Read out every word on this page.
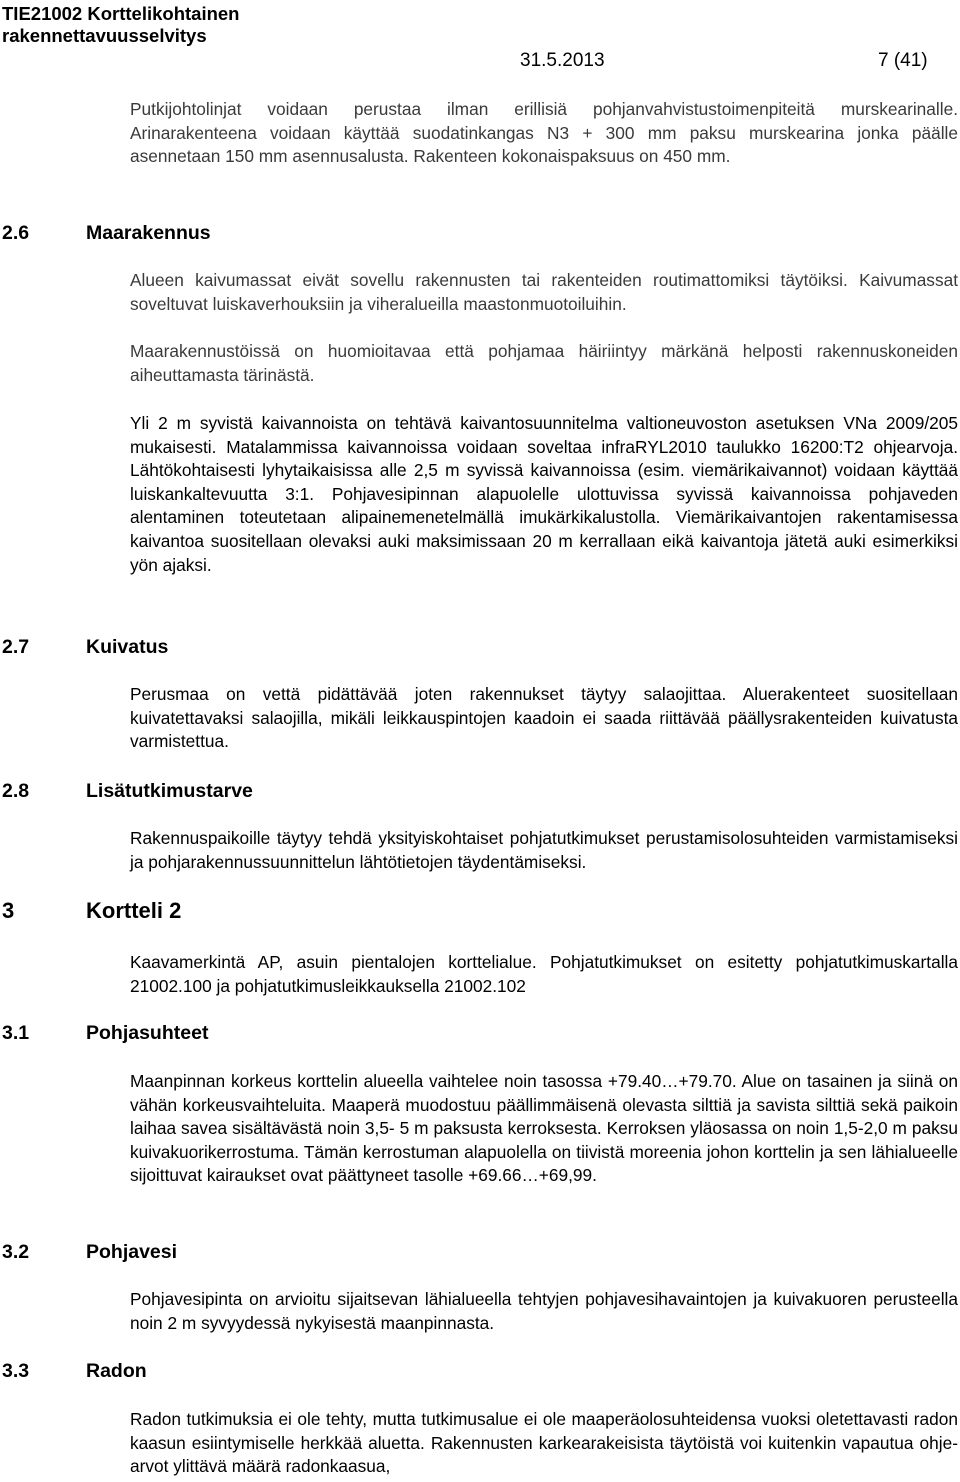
TIE21002 Korttelikohtainen
rakennettavuusselvitys
31.5.2013	7 (41)

Putkijohtolinjat voidaan perustaa ilman erillisiä pohjanvahvistustoimenpiteitä murskearinalle. Arinarakenteena voidaan käyttää suodatinkangas N3 + 300 mm paksu murskearina jonka päälle asennetaan 150 mm asennusalusta. Rakenteen kokonaispaksuus on 450 mm.

2.6	Maarakennus

Alueen kaivumassat eivät sovellu rakennusten tai rakenteiden routimattomiksi täytöiksi. Kaivumassat soveltuvat luiskaverhouksiin ja viheralueilla maastonmuotoiluihin.

Maarakennustöissä on huomioitavaa että pohjamaa häiriintyy märkänä helposti rakennuskoneiden aiheuttamasta tärinästä.

Yli 2 m syvistä kaivannoista on tehtävä kaivantosuunnitelma valtioneuvoston asetuksen VNa 2009/205 mukaisesti. Matalammissa kaivannoissa voidaan soveltaa infraRYL2010 taulukko 16200:T2 ohjearvoja. Lähtökohtaisesti lyhytaikaisissa alle 2,5 m syvissä kaivannoissa (esim. viemärikaivannot) voidaan käyttää luiskankaltevuutta 3:1. Pohjavesipinnan alapuolelle ulottuvissa syvissä kaivannoissa pohjaveden alentaminen toteutetaan alipainemenetelmällä imukärkikalustolla. Viemärikaivantojen rakentamisessa kaivantoa suositellaan olevaksi auki maksimissaan 20 m kerrallaan eikä kaivantoja jätetä auki esimerkiksi yön ajaksi.

2.7	Kuivatus

Perusmaa on vettä pidättävää joten rakennukset täytyy salaojittaa. Aluerakenteet suositellaan kuivatettavaksi salaojilla, mikäli leikkauspintojen kaadoin ei saada riittävää päällysrakenteiden kuivatusta varmistettua.

2.8	Lisätutkimustarve

Rakennuspaikoille täytyy tehdä yksityiskohtaiset pohjatutkimukset perustamisolosuhteiden varmistamiseksi ja pohjarakennussuunnittelun lähtötietojen täydentämiseksi.

3	Kortteli 2

Kaavamerkintä AP, asuin pientalojen korttelialue. Pohjatutkimukset on esitetty pohjatutkimuskartalla 21002.100 ja pohjatutkimusleikkauksella 21002.102

3.1	Pohjasuhteet

Maanpinnan korkeus korttelin alueella vaihtelee noin tasossa +79.40…+79.70. Alue on tasainen ja siinä on vähän korkeusvaihteluita. Maaperä muodostuu päällimmäisenä olevasta silttiä ja savista silttiä sekä paikoin laihaa savea sisältävästä noin 3,5- 5 m paksusta kerroksesta. Kerroksen yläosassa on noin 1,5-2,0 m paksu kuivakuorikerrostuma. Tämän kerrostuman alapuolella on tiivistä moreenia johon korttelin ja sen lähialueelle sijoittuvat kairaukset ovat päättyneet tasolle +69.66…+69,99.

3.2	Pohjavesi

Pohjavesipinta on arvioitu sijaitsevan lähialueella tehtyjen pohjavesihavaintojen ja kuivakuoren perusteella noin 2 m syvyydessä nykyisestä maanpinnasta.

3.3	Radon

Radon tutkimuksia ei ole tehty, mutta tutkimusalue ei ole maaperäolosuhteidensa vuoksi oletettavasti radon kaasun esiintymiselle herkkää aluetta. Rakennusten karkearakeisista täytöistä voi kuitenkin vapautua ohje-arvot ylittävä määrä radonkaasua,
